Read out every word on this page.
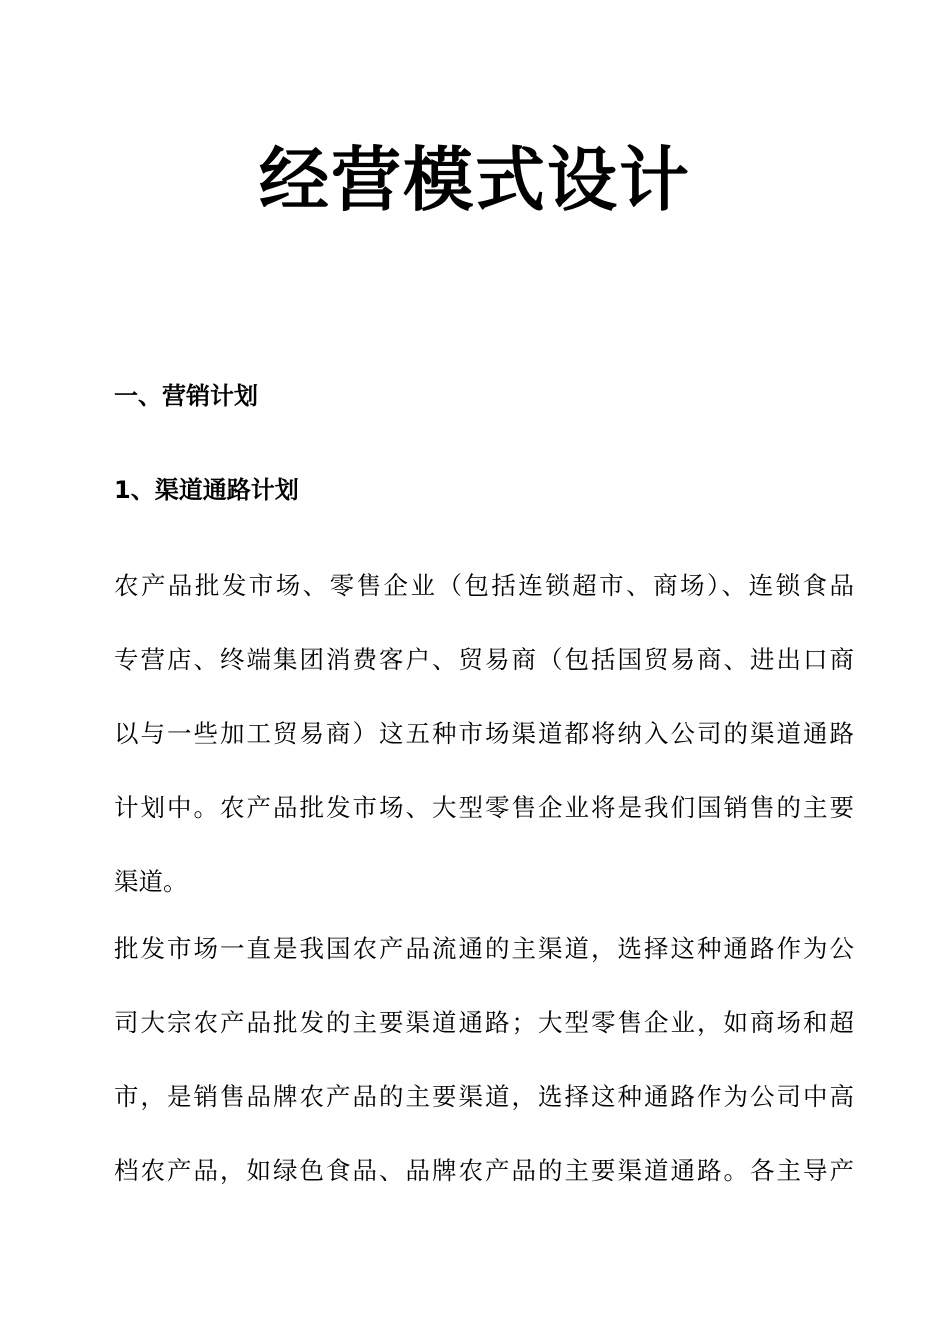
经营模式设计
一、营销计划
1、渠道通路计划
农产品批发市场、零售企业（包括连锁超市、商场）、连锁食品
专营店、终端集团消费客户、贸易商（包括国贸易商、进出口商
以与一些加工贸易商）这五种市场渠道都将纳入公司的渠道通路
计划中。农产品批发市场、大型零售企业将是我们国销售的主要
渠道。
批发市场一直是我国农产品流通的主渠道，选择这种通路作为公
司大宗农产品批发的主要渠道通路；大型零售企业，如商场和超
市，是销售品牌农产品的主要渠道，选择这种通路作为公司中高
档农产品，如绿色食品、品牌农产品的主要渠道通路。各主导产
